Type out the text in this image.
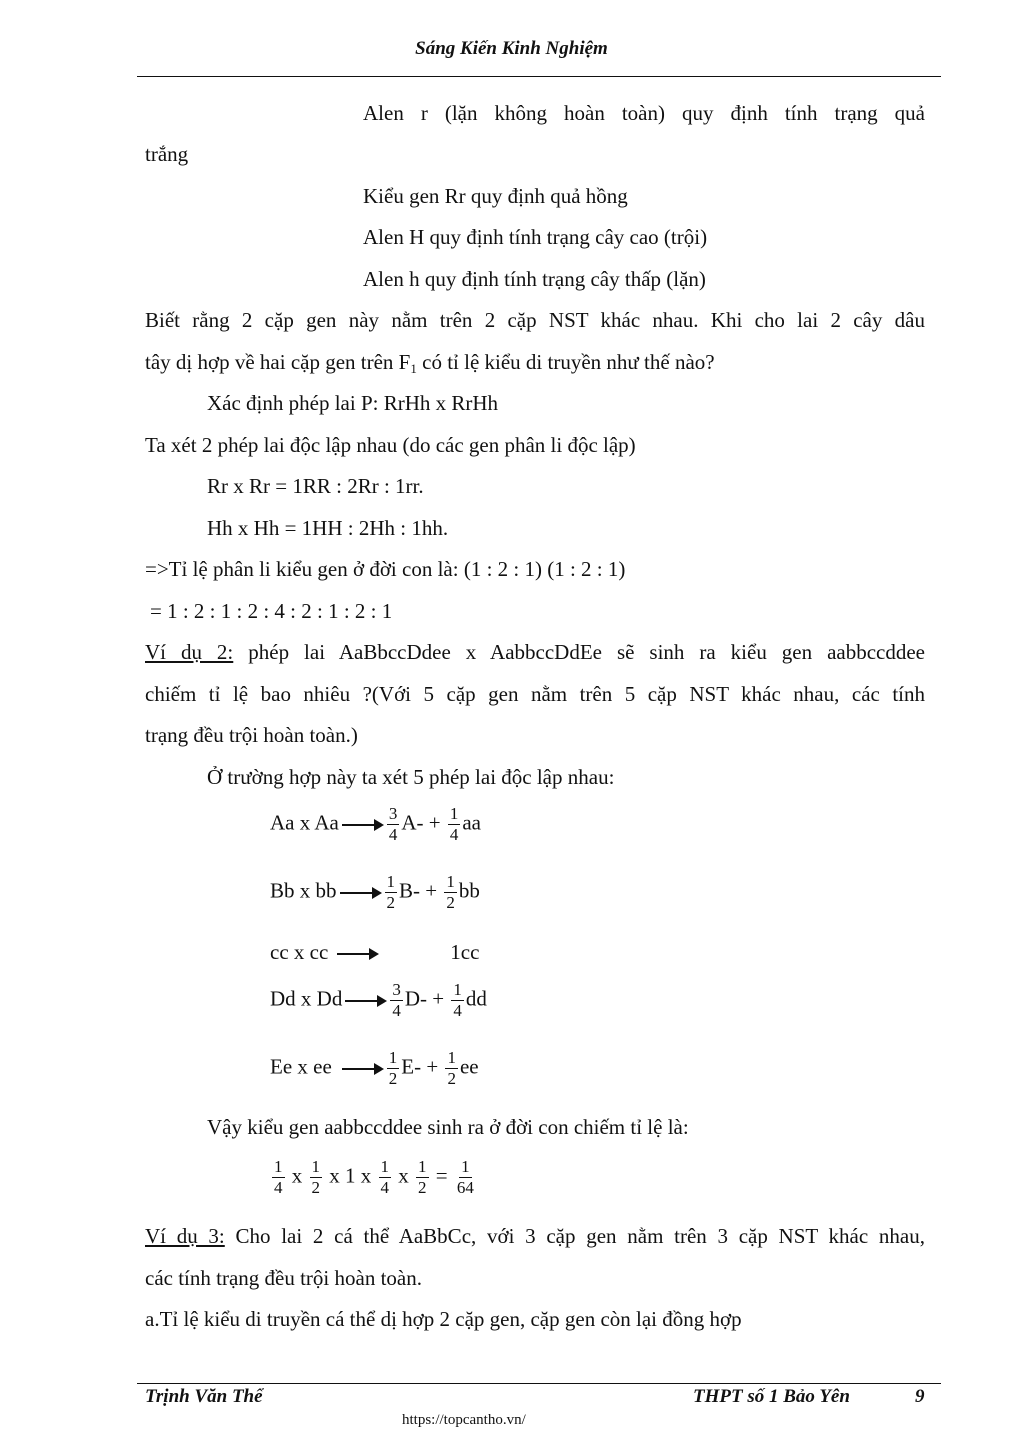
Sáng Kiến Kinh Nghiệm
Alen r (lặn không hoàn toàn) quy định tính trạng quả
trắng
Kiểu gen Rr quy định quả hồng
Alen H quy định tính trạng cây cao (trội)
Alen h quy định tính trạng cây thấp (lặn)
Biết rằng 2 cặp gen này nằm trên 2 cặp NST khác nhau. Khi cho lai 2 cây dâu
tây dị hợp về hai cặp gen trên $F_1$ có tỉ lệ kiểu di truyền như thế nào?
Xác định phép lai P: RrHh x RrHh
Ta xét 2 phép lai độc lập nhau (do các gen phân li độc lập)
Rr x Rr = 1RR : 2Rr : 1rr.
Hh x Hh = 1HH : 2Hh : 1hh.
=>Tỉ lệ phân li kiểu gen ở đời con là: (1 : 2 : 1) (1 : 2 : 1)
= 1 : 2 : 1 : 2 : 4 : 2 : 1 : 2 : 1
Ví dụ 2: phép lai AaBbccDdee x AabbccDdEe sẽ sinh ra kiểu gen aabbccddee
chiếm tỉ lệ bao nhiêu ?(Với 5 cặp gen nằm trên 5 cặp NST khác nhau, các tính
trạng đều trội hoàn toàn.)
Ở trường hợp này ta xét 5 phép lai độc lập nhau:
Aa x Aa	$\frac{3}{4} A- + \frac{1}{4}$ aa
Bb x bb	$\frac{1}{2} B- + \frac{1}{2}$ bb
cc x cc	1cc
Dd x Dd	$\frac{3}{4} D- + \frac{1}{4}$ dd
Ee x ee	$\frac{1}{2} E- + \frac{1}{2}$ ee
Vậy kiểu gen aabbccddee sinh ra ở đời con chiếm tỉ lệ là:
$\frac{1}{4}$ x $\frac{1}{2}$ x 1 x $\frac{1}{4}$ x $\frac{1}{2} = \frac{1}{64}$
Ví dụ 3: Cho lai 2 cá thể AaBbCc, với 3 cặp gen nằm trên 3 cặp NST khác nhau,
các tính trạng đều trội hoàn toàn.
a.Tỉ lệ kiểu di truyền cá thể dị hợp 2 cặp gen, cặp gen còn lại đồng hợp
Trịnh Văn Thể	THPT số 1 Bảo Yên	9
https://topcantho.vn/
